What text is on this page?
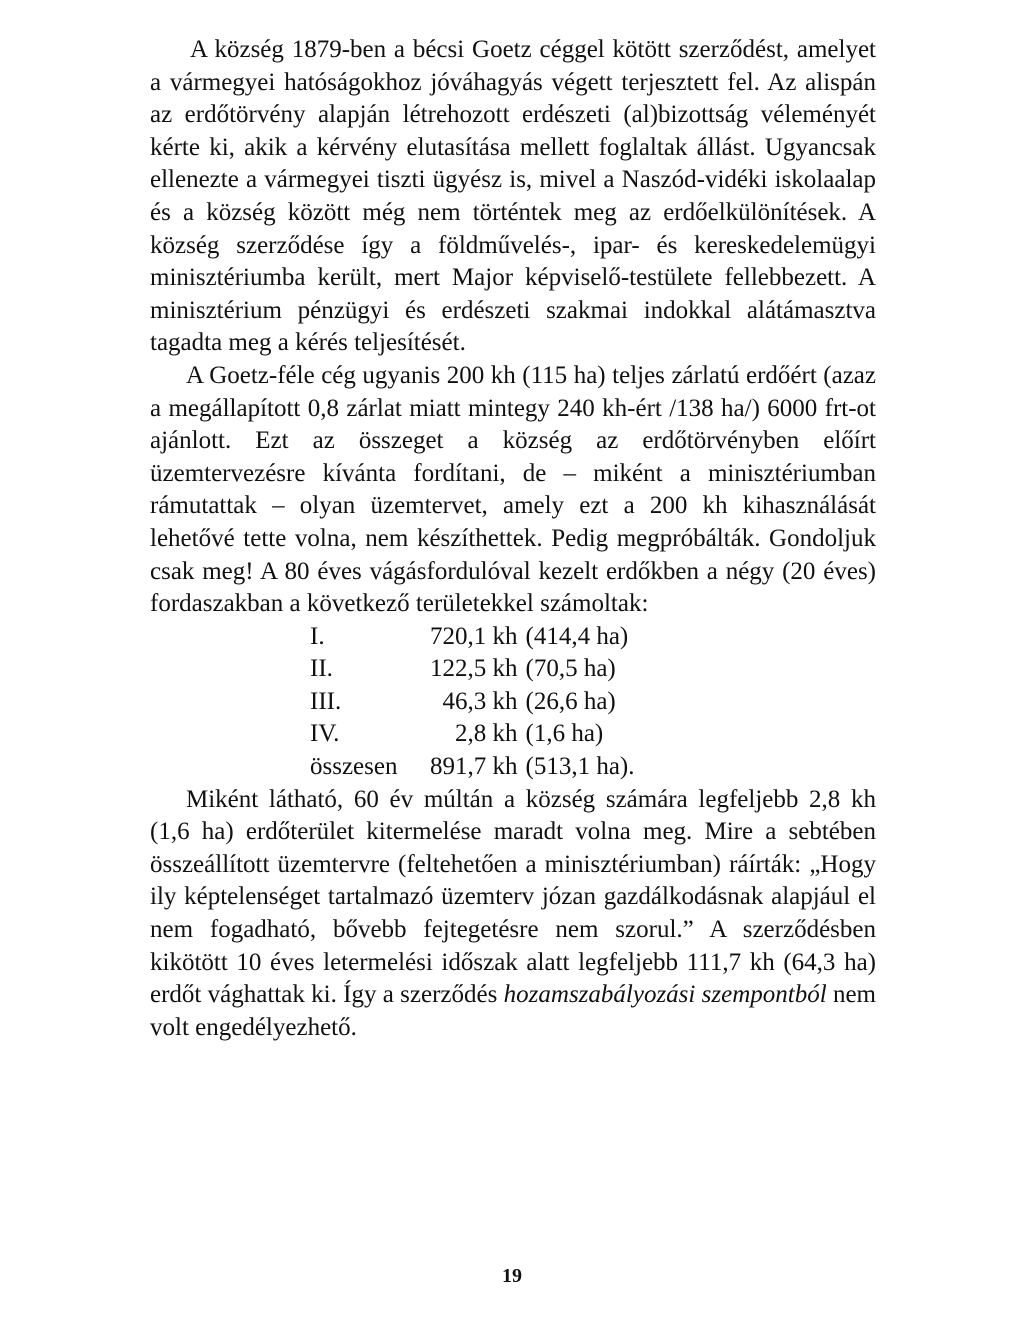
A község 1879-ben a bécsi Goetz céggel kötött szerződést, amelyet a vármegyei hatóságokhoz jóváhagyás végett terjesztett fel. Az alispán az erdőtörvény alapján létrehozott erdészeti (al)bizottság véleményét kérte ki, akik a kérvény elutasítása mellett foglaltak állást. Ugyancsak ellenezte a vármegyei tiszti ügyész is, mivel a Naszód-vidéki iskolaalap és a község között még nem történtek meg az erdőelkülönítések. A község szerződése így a földművelés-, ipar- és kereskedelemügyi minisztériumba került, mert Major képviselő-testülete fellebbezett. A minisztérium pénzügyi és erdészeti szakmai indokkal alátámasztva tagadta meg a kérés teljesítését.

A Goetz-féle cég ugyanis 200 kh (115 ha) teljes zárlatú erdőért (azaz a megállapított 0,8 zárlat miatt mintegy 240 kh-ért /138 ha/) 6000 frt-ot ajánlott. Ezt az összeget a község az erdőtörvényben előírt üzemtervezésre kívánta fordítani, de – miként a minisztériumban rámutattak – olyan üzemtervet, amely ezt a 200 kh kihasználását lehetővé tette volna, nem készíthettek. Pedig megpróbálták. Gondoljuk csak meg! A 80 éves vágásfordulóval kezelt erdőkben a négy (20 éves) fordaszakban a következő területekkel számoltak:

I.	720,1 kh	(414,4 ha)
II.	122,5 kh	(70,5 ha)
III.	46,3 kh	(26,6 ha)
IV.	2,8 kh	(1,6 ha)
összesen	891,7 kh	(513,1 ha).

Miként látható, 60 év múltán a község számára legfeljebb 2,8 kh (1,6 ha) erdőterület kitermelése maradt volna meg. Mire a sebtében összeállított üzemtervre (feltehetően a minisztériumban) ráírták: „Hogy ily képtelenséget tartalmazó üzemterv józan gazdálkodásnak alapjául el nem fogadható, bővebb fejtegetésre nem szorul.” A szerződésben kikötött 10 éves letermelési időszak alatt legfeljebb 111,7 kh (64,3 ha) erdőt vághattak ki. Így a szerződés hozamszabályozási szempontból nem volt engedélyezhető.

19
